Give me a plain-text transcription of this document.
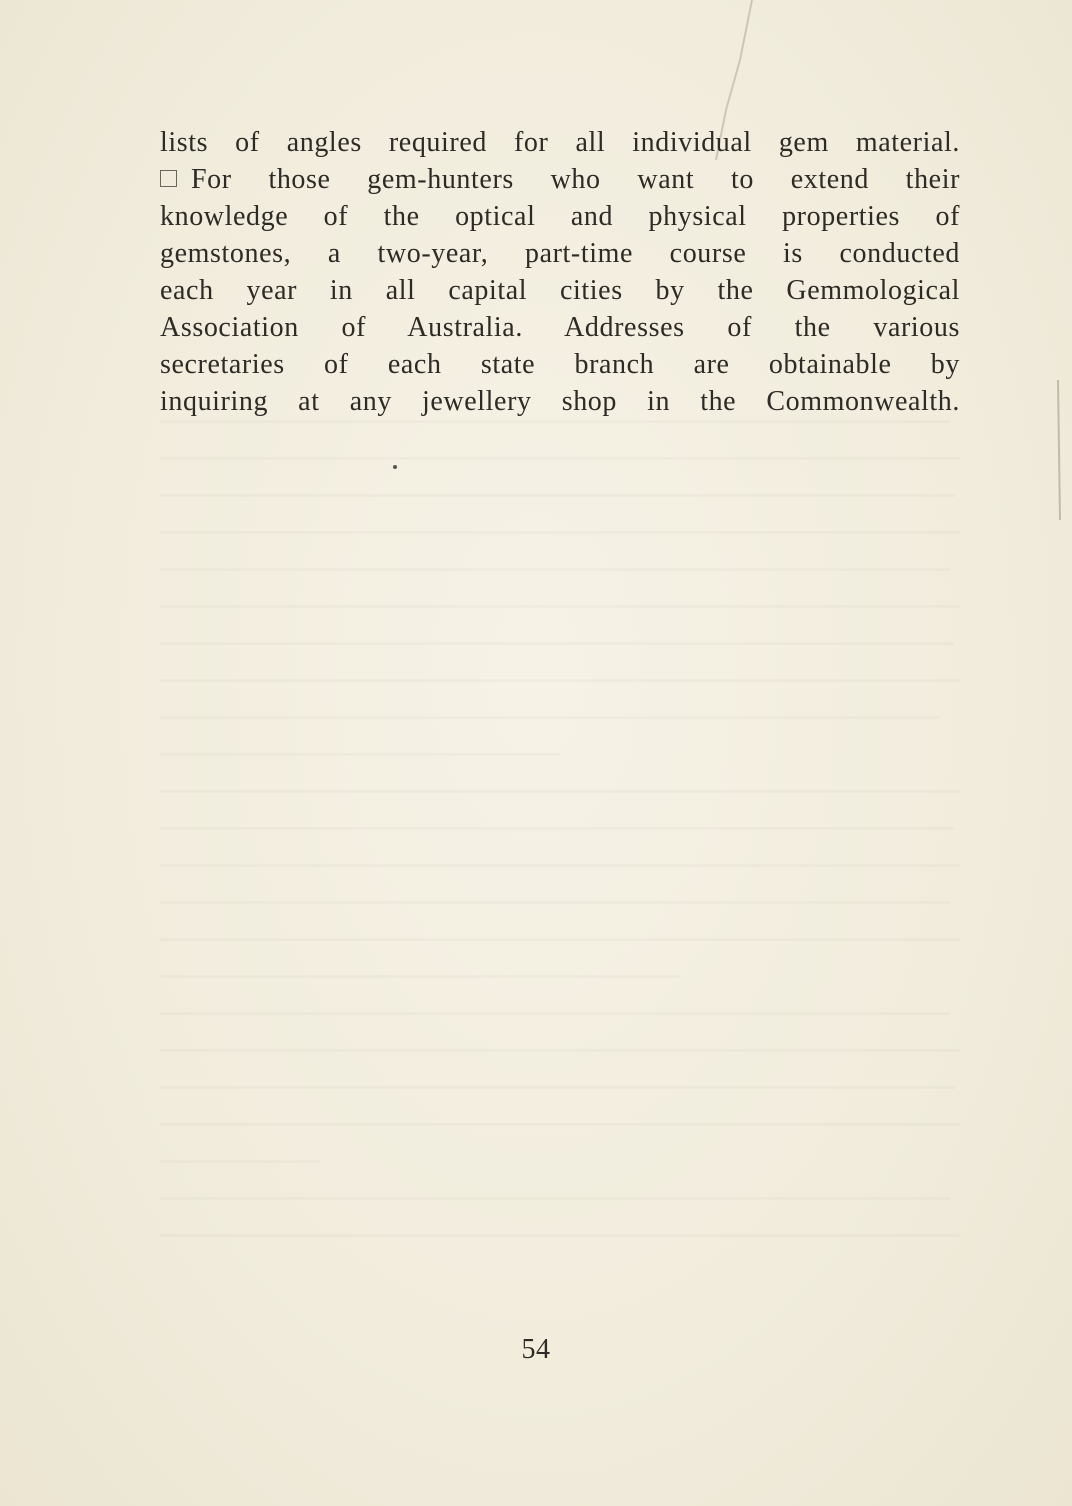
lists of angles required for all individual gem material.
For those gem-hunters who want to extend their
knowledge of the optical and physical properties of
gemstones, a two-year, part-time course is conducted
each year in all capital cities by the Gemmological
Association of Australia. Addresses of the various
secretaries of each state branch are obtainable by
inquiring at any jewellery shop in the Commonwealth.
54
